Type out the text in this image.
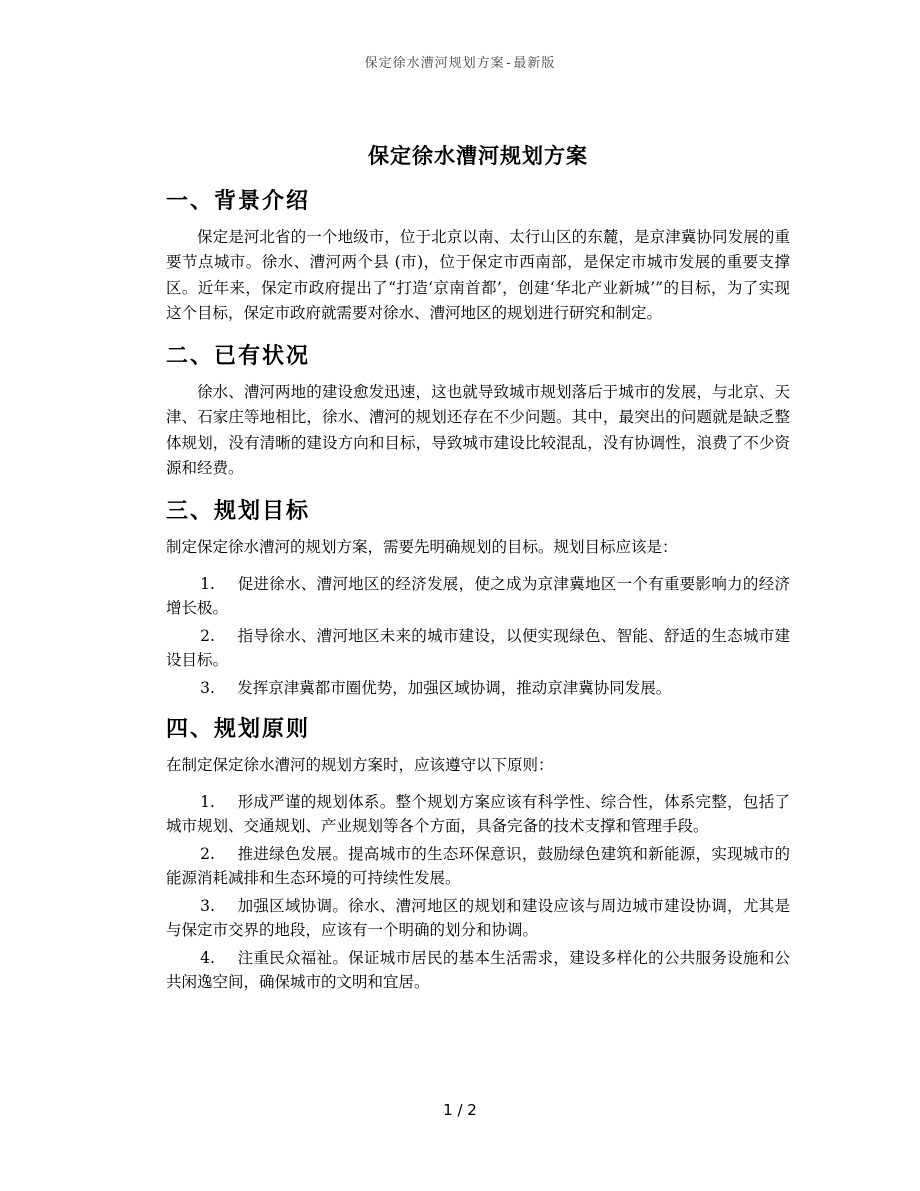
保定徐水漕河规划方案-最新版
保定徐水漕河规划方案
一、背景介绍

保定是河北省的一个地级市，位于北京以南、太行山区的东麓，是京津冀协同发展的重要节点城市。徐水、漕河两个县 (市)，位于保定市西南部，是保定市城市发展的重要支撑区。近年来，保定市政府提出了“打造‘京南首都’，创建‘华北产业新城’”的目标，为了实现这个目标，保定市政府就需要对徐水、漕河地区的规划进行研究和制定。

二、已有状况

徐水、漕河两地的建设愈发迅速，这也就导致城市规划落后于城市的发展，与北京、天津、石家庄等地相比，徐水、漕河的规划还存在不少问题。其中，最突出的问题就是缺乏整体规划，没有清晰的建设方向和目标，导致城市建设比较混乱，没有协调性，浪费了不少资源和经费。

三、规划目标

制定保定徐水漕河的规划方案，需要先明确规划的目标。规划目标应该是：

1. 促进徐水、漕河地区的经济发展，使之成为京津冀地区一个有重要影响力的经济增长极。
2. 指导徐水、漕河地区未来的城市建设，以便实现绿色、智能、舒适的生态城市建设目标。
3. 发挥京津冀都市圈优势，加强区域协调，推动京津冀协同发展。
四、规划原则

在制定保定徐水漕河的规划方案时，应该遵守以下原则：

1. 形成严谨的规划体系。整个规划方案应该有科学性、综合性，体系完整，包括了城市规划、交通规划、产业规划等各个方面，具备完备的技术支撑和管理手段。
2. 推进绿色发展。提高城市的生态环保意识，鼓励绿色建筑和新能源，实现城市的能源消耗减排和生态环境的可持续性发展。
3. 加强区域协调。徐水、漕河地区的规划和建设应该与周边城市建设协调，尤其是与保定市交界的地段，应该有一个明确的划分和协调。
4. 注重民众福祉。保证城市居民的基本生活需求，建设多样化的公共服务设施和公共闲逸空间，确保城市的文明和宜居。
1 / 2
